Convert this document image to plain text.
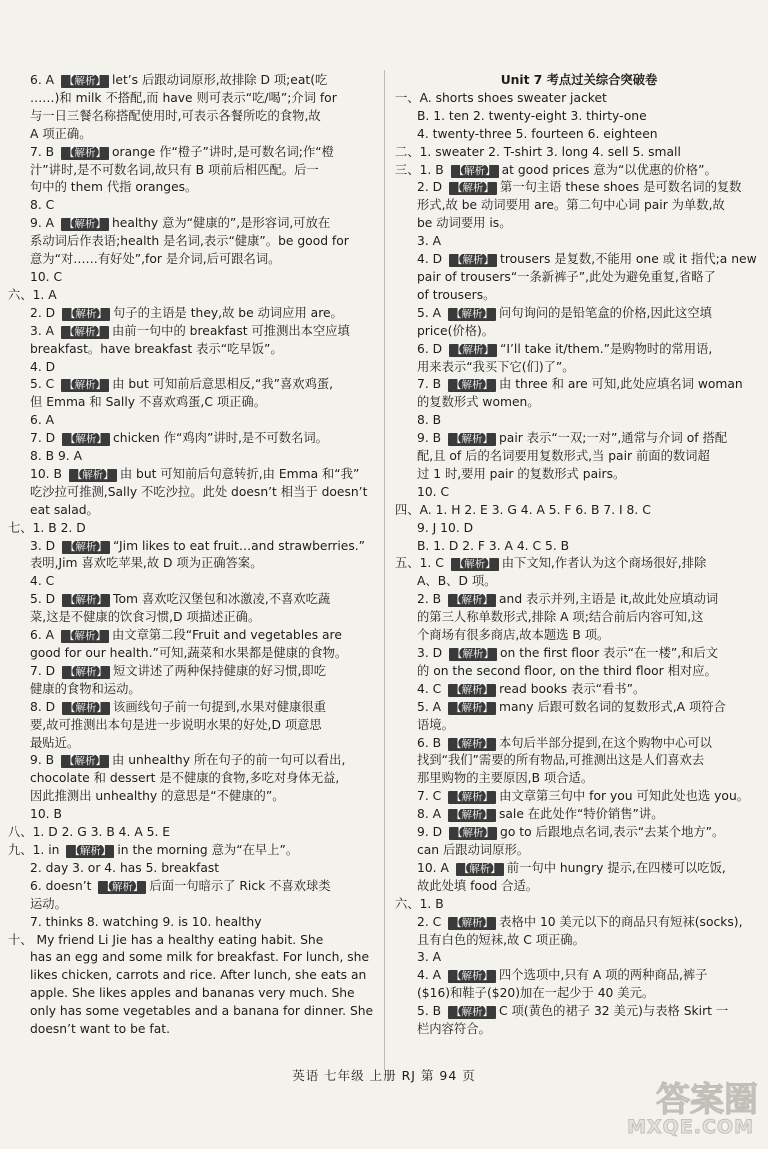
6. A 【解析】 let’s 后跟动词原形,故排除 D 项;eat(吃
……)和 milk 不搭配,而 have 则可表示“吃/喝”;介词 for
与一日三餐名称搭配使用时,可表示各餐所吃的食物,故
A 项正确。
7. B 【解析】 orange 作“橙子”讲时,是可数名词;作“橙
汁”讲时,是不可数名词,故只有 B 项前后相匹配。后一
句中的 them 代指 oranges。
8. C
9. A 【解析】 healthy 意为“健康的”,是形容词,可放在
系动词后作表语;health 是名词,表示“健康”。be good for
意为“对……有好处”,for 是介词,后可跟名词。
10. C
六、1. A
2. D 【解析】 句子的主语是 they,故 be 动词应用 are。
3. A 【解析】 由前一句中的 breakfast 可推测出本空应填
breakfast。have breakfast 表示“吃早饭”。
4. D
5. C 【解析】 由 but 可知前后意思相反,“我”喜欢鸡蛋,
但 Emma 和 Sally 不喜欢鸡蛋,C 项正确。
6. A
7. D 【解析】 chicken 作“鸡肉”讲时,是不可数名词。
8. B 9. A
10. B 【解析】 由 but 可知前后句意转折,由 Emma 和“我”
吃沙拉可推测,Sally 不吃沙拉。此处 doesn’t 相当于 doesn’t
eat salad。
七、1. B 2. D
3. D 【解析】 “Jim likes to eat fruit…and strawberries.”
表明,Jim 喜欢吃苹果,故 D 项为正确答案。
4. C
5. D 【解析】 Tom 喜欢吃汉堡包和冰激凌,不喜欢吃蔬
菜,这是不健康的饮食习惯,D 项描述正确。
6. A 【解析】 由文章第二段“Fruit and vegetables are
good for our health.”可知,蔬菜和水果都是健康的食物。
7. D 【解析】 短文讲述了两种保持健康的好习惯,即吃
健康的食物和运动。
8. D 【解析】 该画线句子前一句提到,水果对健康很重
要,故可推测出本句是进一步说明水果的好处,D 项意思
最贴近。
9. B 【解析】 由 unhealthy 所在句子的前一句可以看出,
chocolate 和 dessert 是不健康的食物,多吃对身体无益,
因此推测出 unhealthy 的意思是“不健康的”。
10. B
八、1. D 2. G 3. B 4. A 5. E
九、1. in 【解析】 in the morning 意为“在早上”。
2. day 3. or 4. has 5. breakfast
6. doesn’t 【解析】 后面一句暗示了 Rick 不喜欢球类
运动。
7. thinks 8. watching 9. is 10. healthy
十、 My friend Li Jie has a healthy eating habit. She
has an egg and some milk for breakfast. For lunch, she
likes chicken, carrots and rice. After lunch, she eats an
apple. She likes apples and bananas very much. She
only has some vegetables and a banana for dinner. She
doesn’t want to be fat.
Unit 7 考点过关综合突破卷
一、A. shorts shoes sweater jacket
B. 1. ten 2. twenty-eight 3. thirty-one
4. twenty-three 5. fourteen 6. eighteen
二、1. sweater 2. T-shirt 3. long 4. sell 5. small
三、1. B 【解析】 at good prices 意为“以优惠的价格”。
2. D 【解析】 第一句主语 these shoes 是可数名词的复数
形式,故 be 动词要用 are。第二句中心词 pair 为单数,故
be 动词要用 is。
3. A
4. D 【解析】 trousers 是复数,不能用 one 或 it 指代;a new
pair of trousers“一条新裤子”,此处为避免重复,省略了
of trousers。
5. A 【解析】 问句询问的是铅笔盒的价格,因此这空填
price(价格)。
6. D 【解析】 “I’ll take it/them.”是购物时的常用语,
用来表示“我买下它(们)了”。
7. B 【解析】 由 three 和 are 可知,此处应填名词 woman
的复数形式 women。
8. B
9. B 【解析】 pair 表示“一双;一对”,通常与介词 of 搭配
配,且 of 后的名词要用复数形式,当 pair 前面的数词超
过 1 时,要用 pair 的复数形式 pairs。
10. C
四、A. 1. H 2. E 3. G 4. A 5. F 6. B 7. I 8. C
9. J 10. D
B. 1. D 2. F 3. A 4. C 5. B
五、1. C 【解析】 由下文知,作者认为这个商场很好,排除
A、B、D 项。
2. B 【解析】 and 表示并列,主语是 it,故此处应填动词
的第三人称单数形式,排除 A 项;结合前后内容可知,这
个商场有很多商店,故本题选 B 项。
3. D 【解析】 on the first floor 表示“在一楼”,和后文
的 on the second floor, on the third floor 相对应。
4. C 【解析】 read books 表示“看书”。
5. A 【解析】 many 后跟可数名词的复数形式,A 项符合
语境。
6. B 【解析】 本句后半部分提到,在这个购物中心可以
找到“我们”需要的所有物品,可推测出这是人们喜欢去
那里购物的主要原因,B 项合适。
7. C 【解析】 由文章第三句中 for you 可知此处也选 you。
8. A 【解析】 sale 在此处作“特价销售”讲。
9. D 【解析】 go to 后跟地点名词,表示“去某个地方”。
can 后跟动词原形。
10. A 【解析】 前一句中 hungry 提示,在四楼可以吃饭,
故此处填 food 合适。
六、1. B
2. C 【解析】 表格中 10 美元以下的商品只有短袜(socks),
且有白色的短袜,故 C 项正确。
3. A
4. A 【解析】 四个选项中,只有 A 项的两种商品,裤子
($16)和鞋子($20)加在一起少于 40 美元。
5. B 【解析】 C 项(黄色的裙子 32 美元)与表格 Skirt 一
栏内容符合。
英语 七年级 上册 RJ 第 94 页
答案圈
MXQE.COM
